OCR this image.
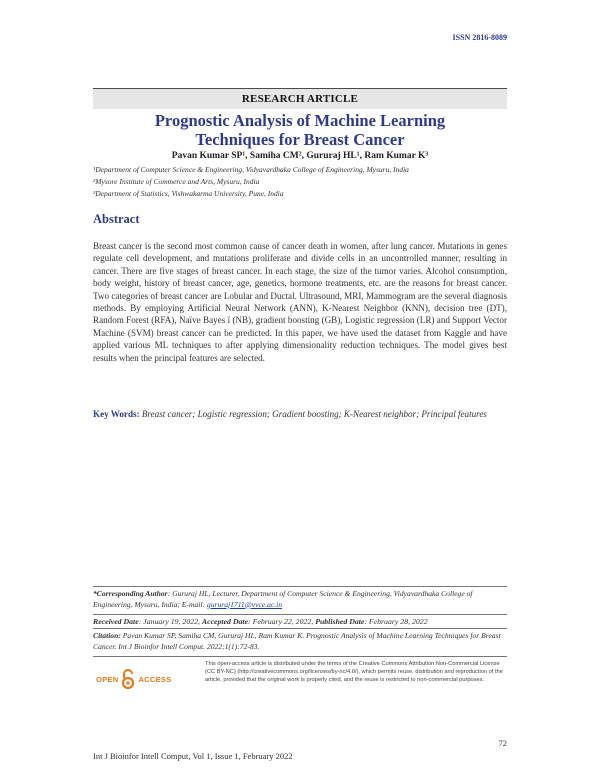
ISSN 2816-8089
RESEARCH ARTICLE
Prognostic Analysis of Machine Learning
Techniques for Breast Cancer
Pavan Kumar SP¹, Samiha CM², Gururaj HL¹, Ram Kumar K³
¹Department of Computer Science & Engineering, Vidyavardhaka College of Engineering, Mysuru, India
²Mysore Institute of Commerce and Arts, Mysuru, India
³Department of Statistics, Vishwakarma University, Pune, India
Abstract
Breast cancer is the second most common cause of cancer death in women, after lung cancer. Mutations in genes regulate cell development, and mutations proliferate and divide cells in an uncontrolled manner, resulting in cancer. There are five stages of breast cancer. In each stage, the size of the tumor varies. Alcohol consumption, body weight, history of breast cancer, age, genetics, hormone treatments, etc. are the reasons for breast cancer. Two categories of breast cancer are Lobular and Ductal. Ultrasound, MRI, Mammogram are the several diagnosis methods. By employing Artificial Neural Network (ANN), K-Nearest Neighbor (KNN), decision tree (DT), Random Forest (RFA), Naïve Bayes ï (NB), gradient boosting (GB), Logistic regression (LR) and Support Vector Machine (SVM) breast cancer can be predicted. In this paper, we have used the dataset from Kaggle and have applied various ML techniques to after applying dimensionality reduction techniques. The model gives best results when the principal features are selected.
Key Words: Breast cancer; Logistic regression; Gradient boosting; K-Nearest neighbor; Principal features
*Corresponding Author: Gururaj HL, Lecturer, Department of Computer Science & Engineering, Vidyavardhaka College of Engineering, Mysuru, India; E-mail: gururaj1711@vvce.ac.in
Received Date: January 19, 2022, Accepted Date: February 22, 2022, Published Date: February 28, 2022
Citation: Pavan Kumar SP, Samiha CM, Gururaj HL, Ram Kumar K. Prognostic Analysis of Machine Learning Techniques for Breast Cancer. Int J Bioinfor Intell Comput. 2022;1(1):72-83.
OPEN	ACCESS
This open-access article is distributed under the terms of the Creative Commons Attribution Non-Commercial License (CC BY-NC) (http://creativecommons.org/licenses/by-nc/4.0/), which permits reuse, distribution and reproduction of the article, provided that the original work is properly cited, and the reuse is restricted to non-commercial purposes.
72
Int J Bioinfor Intell Comput, Vol 1, Issue 1, February 2022
